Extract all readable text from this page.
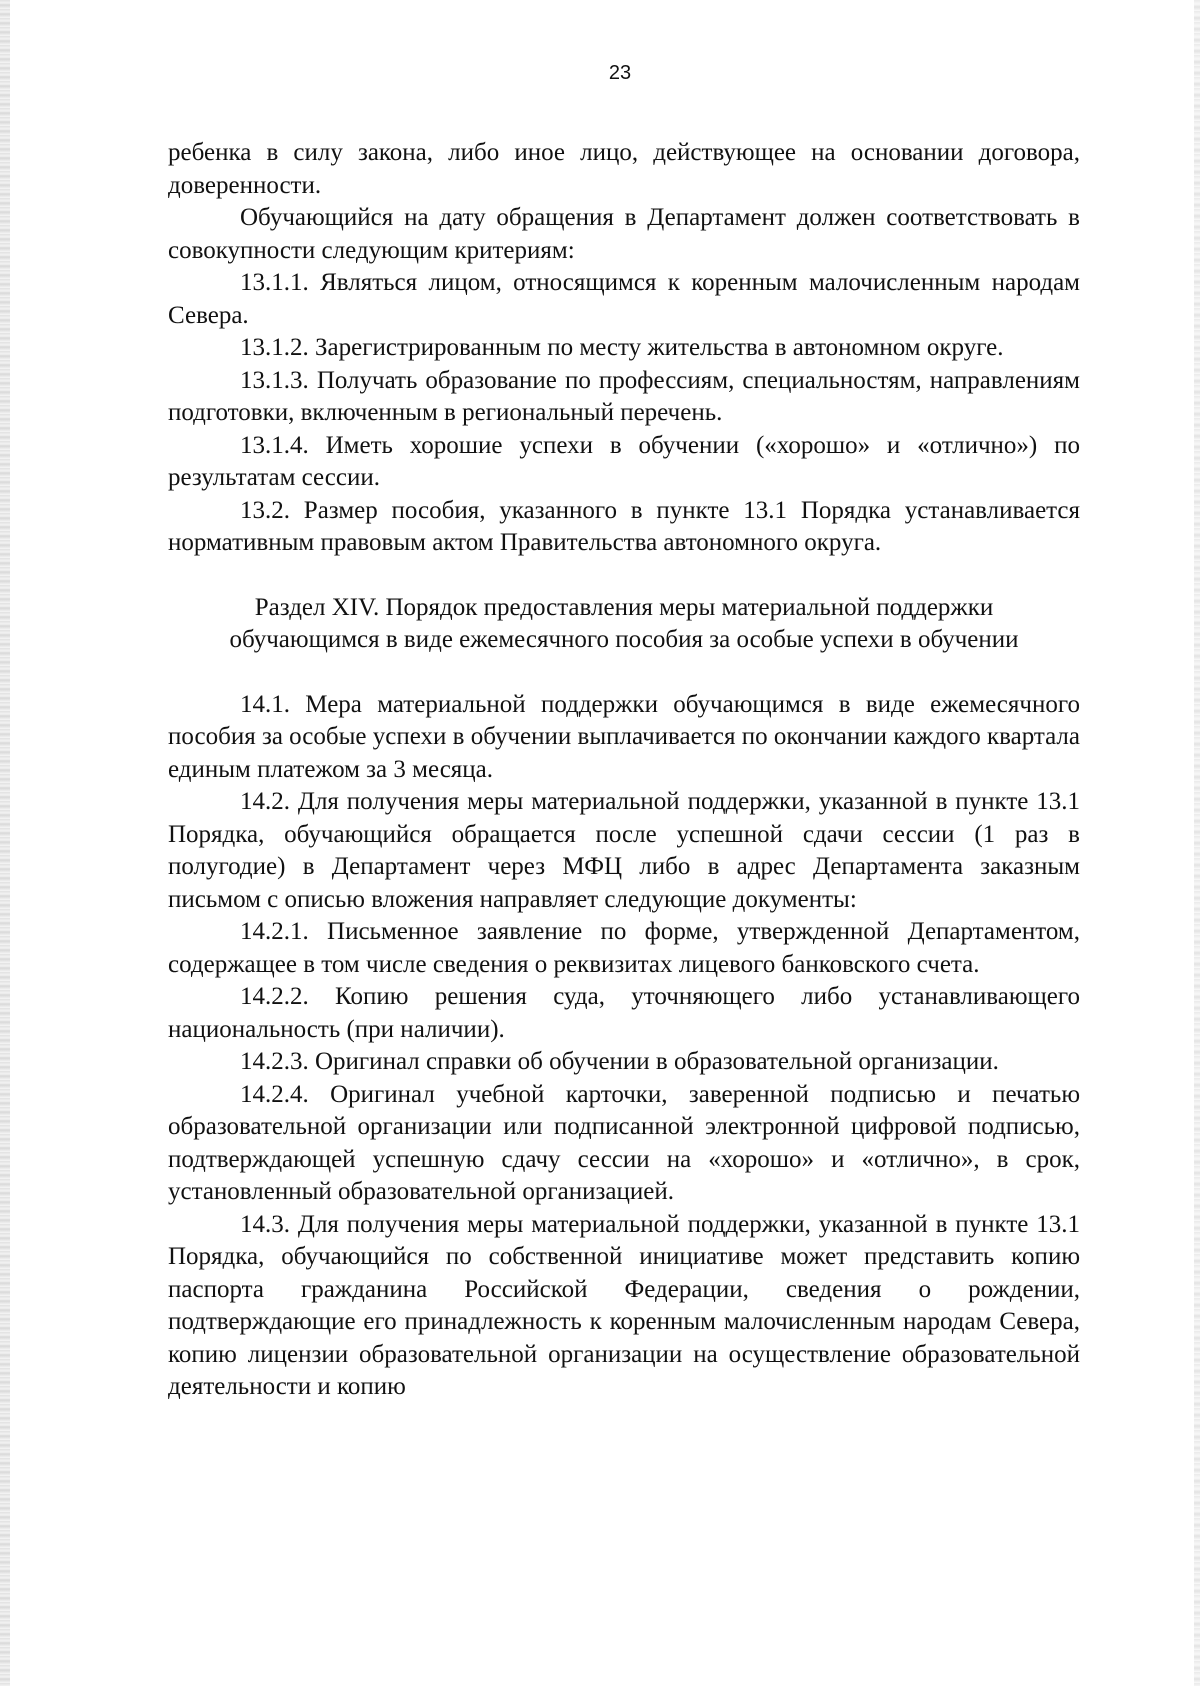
23

ребенка в силу закона, либо иное лицо, действующее на основании договора, доверенности.

Обучающийся на дату обращения в Департамент должен соответствовать в совокупности следующим критериям:

13.1.1. Являться лицом, относящимся к коренным малочисленным народам Севера.

13.1.2. Зарегистрированным по месту жительства в автономном округе.

13.1.3. Получать образование по профессиям, специальностям, направлениям подготовки, включенным в региональный перечень.

13.1.4. Иметь хорошие успехи в обучении («хорошо» и «отлично») по результатам сессии.

13.2. Размер пособия, указанного в пункте 13.1 Порядка устанавливается нормативным правовым актом Правительства автономного округа.

Раздел XIV. Порядок предоставления меры материальной поддержки
обучающимся в виде ежемесячного пособия за особые успехи в обучении

14.1. Мера материальной поддержки обучающимся в виде ежемесячного пособия за особые успехи в обучении выплачивается по окончании каждого квартала единым платежом за 3 месяца.

14.2. Для получения меры материальной поддержки, указанной в пункте 13.1 Порядка, обучающийся обращается после успешной сдачи сессии (1 раз в полугодие) в Департамент через МФЦ либо в адрес Департамента заказным письмом с описью вложения направляет следующие документы:

14.2.1. Письменное заявление по форме, утвержденной Департаментом, содержащее в том числе сведения о реквизитах лицевого банковского счета.

14.2.2. Копию решения суда, уточняющего либо устанавливающего национальность (при наличии).

14.2.3. Оригинал справки об обучении в образовательной организации.

14.2.4. Оригинал учебной карточки, заверенной подписью и печатью образовательной организации или подписанной электронной цифровой подписью, подтверждающей успешную сдачу сессии на «хорошо» и «отлично», в срок, установленный образовательной организацией.

14.3. Для получения меры материальной поддержки, указанной в пункте 13.1 Порядка, обучающийся по собственной инициативе может представить копию паспорта гражданина Российской Федерации, сведения о рождении, подтверждающие его принадлежность к коренным малочисленным народам Севера, копию лицензии образовательной организации на осуществление образовательной деятельности и копию
